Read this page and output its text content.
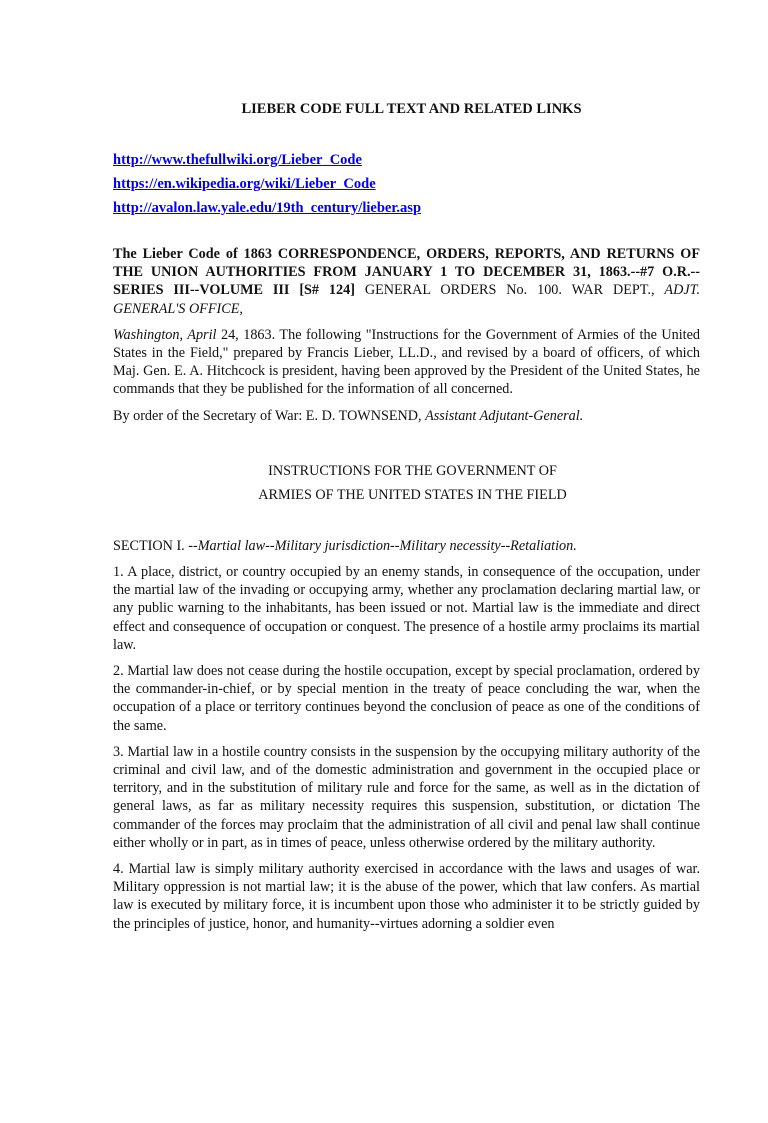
LIEBER CODE FULL TEXT AND RELATED LINKS
http://www.thefullwiki.org/Lieber_Code
https://en.wikipedia.org/wiki/Lieber_Code
http://avalon.law.yale.edu/19th_century/lieber.asp

The Lieber Code of 1863 CORRESPONDENCE, ORDERS, REPORTS, AND RETURNS OF THE UNION AUTHORITIES FROM JANUARY 1 TO DECEMBER 31, 1863.--#7 O.R.--SERIES III--VOLUME III [S# 124] GENERAL ORDERS No. 100. WAR DEPT., ADJT. GENERAL'S OFFICE,

Washington, April 24, 1863. The following "Instructions for the Government of Armies of the United States in the Field," prepared by Francis Lieber, LL.D., and revised by a board of officers, of which Maj. Gen. E. A. Hitchcock is president, having been approved by the President of the United States, he commands that they be published for the information of all concerned.

By order of the Secretary of War: E. D. TOWNSEND, Assistant Adjutant-General.

INSTRUCTIONS FOR THE GOVERNMENT OF
ARMIES OF THE UNITED STATES IN THE FIELD

SECTION I. --Martial law--Military jurisdiction--Military necessity--Retaliation.

1. A place, district, or country occupied by an enemy stands, in consequence of the occupation, under the martial law of the invading or occupying army, whether any proclamation declaring martial law, or any public warning to the inhabitants, has been issued or not. Martial law is the immediate and direct effect and consequence of occupation or conquest. The presence of a hostile army proclaims its martial law.

2. Martial law does not cease during the hostile occupation, except by special proclamation, ordered by the commander-in-chief, or by special mention in the treaty of peace concluding the war, when the occupation of a place or territory continues beyond the conclusion of peace as one of the conditions of the same.

3. Martial law in a hostile country consists in the suspension by the occupying military authority of the criminal and civil law, and of the domestic administration and government in the occupied place or territory, and in the substitution of military rule and force for the same, as well as in the dictation of general laws, as far as military necessity requires this suspension, substitution, or dictation The commander of the forces may proclaim that the administration of all civil and penal law shall continue either wholly or in part, as in times of peace, unless otherwise ordered by the military authority.

4. Martial law is simply military authority exercised in accordance with the laws and usages of war. Military oppression is not martial law; it is the abuse of the power, which that law confers. As martial law is executed by military force, it is incumbent upon those who administer it to be strictly guided by the principles of justice, honor, and humanity--virtues adorning a soldier even
